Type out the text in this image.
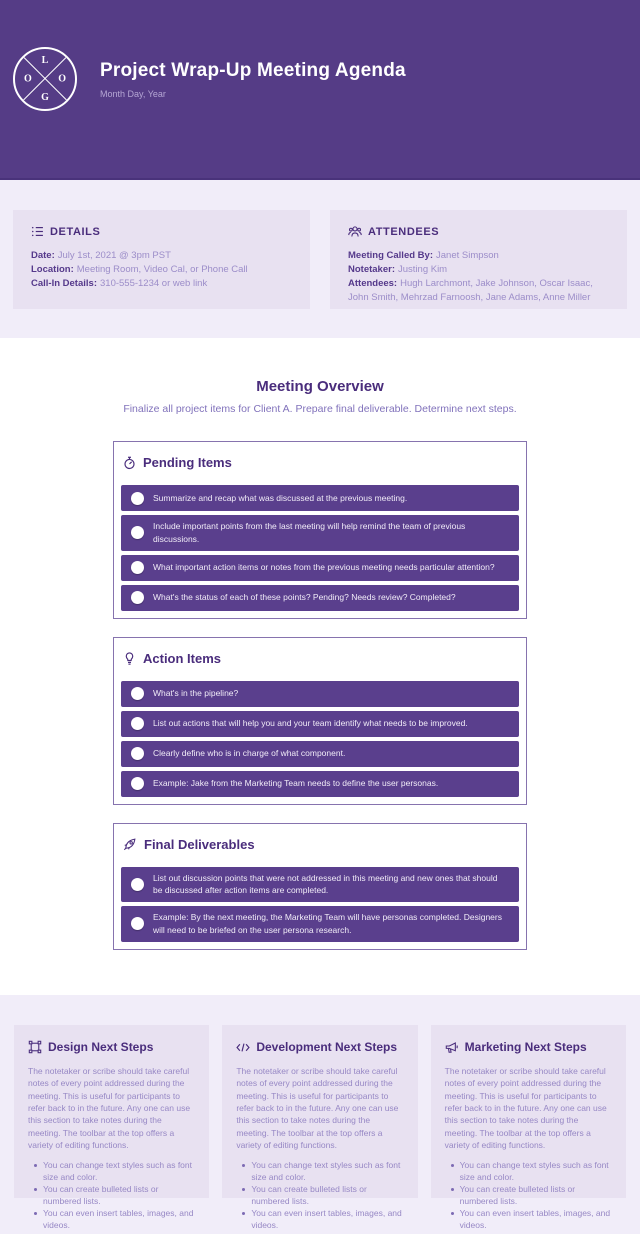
L
O	O
G
Project Wrap-Up Meeting Agenda
Month Day, Year
DETAILS
Date: July 1st, 2021 @ 3pm PST
Location: Meeting Room, Video Cal, or Phone Call
Call-In Details: 310-555-1234 or web link
ATTENDEES
Meeting Called By: Janet Simpson
Notetaker: Justing Kim
Attendees: Hugh Larchmont, Jake Johnson, Oscar Isaac, John Smith, Mehrzad Farnoosh, Jane Adams, Anne Miller
Meeting Overview
Finalize all project items for Client A. Prepare final deliverable. Determine next steps.
Pending Items
Summarize and recap what was discussed at the previous meeting.
Include important points from the last meeting will help remind the team of previous discussions.
What important action items or notes from the previous meeting needs particular attention?
What's the status of each of these points? Pending? Needs review? Completed?
Action Items
What's in the pipeline?
List out actions that will help you and your team identify what needs to be improved.
Clearly define who is in charge of what component.
Example: Jake from the Marketing Team needs to define the user personas.
Final Deliverables
List out discussion points that were not addressed in this meeting and new ones that should be discussed after action items are completed.
Example: By the next meeting, the Marketing Team will have personas completed. Designers will need to be briefed on the user persona research.
Design Next Steps
The notetaker or scribe should take careful notes of every point addressed during the meeting. This is useful for participants to refer back to in the future. Any one can use this section to take notes during the meeting. The toolbar at the top offers a variety of editing functions.
You can change text styles such as font size and color.
You can create bulleted lists or numbered lists.
You can even insert tables, images, and videos.
Development Next Steps
The notetaker or scribe should take careful notes of every point addressed during the meeting. This is useful for participants to refer back to in the future. Any one can use this section to take notes during the meeting. The toolbar at the top offers a variety of editing functions.
You can change text styles such as font size and color.
You can create bulleted lists or numbered lists.
You can even insert tables, images, and videos.
Marketing Next Steps
The notetaker or scribe should take careful notes of every point addressed during the meeting. This is useful for participants to refer back to in the future. Any one can use this section to take notes during the meeting. The toolbar at the top offers a variety of editing functions.
You can change text styles such as font size and color.
You can create bulleted lists or numbered lists.
You can even insert tables, images, and videos.
